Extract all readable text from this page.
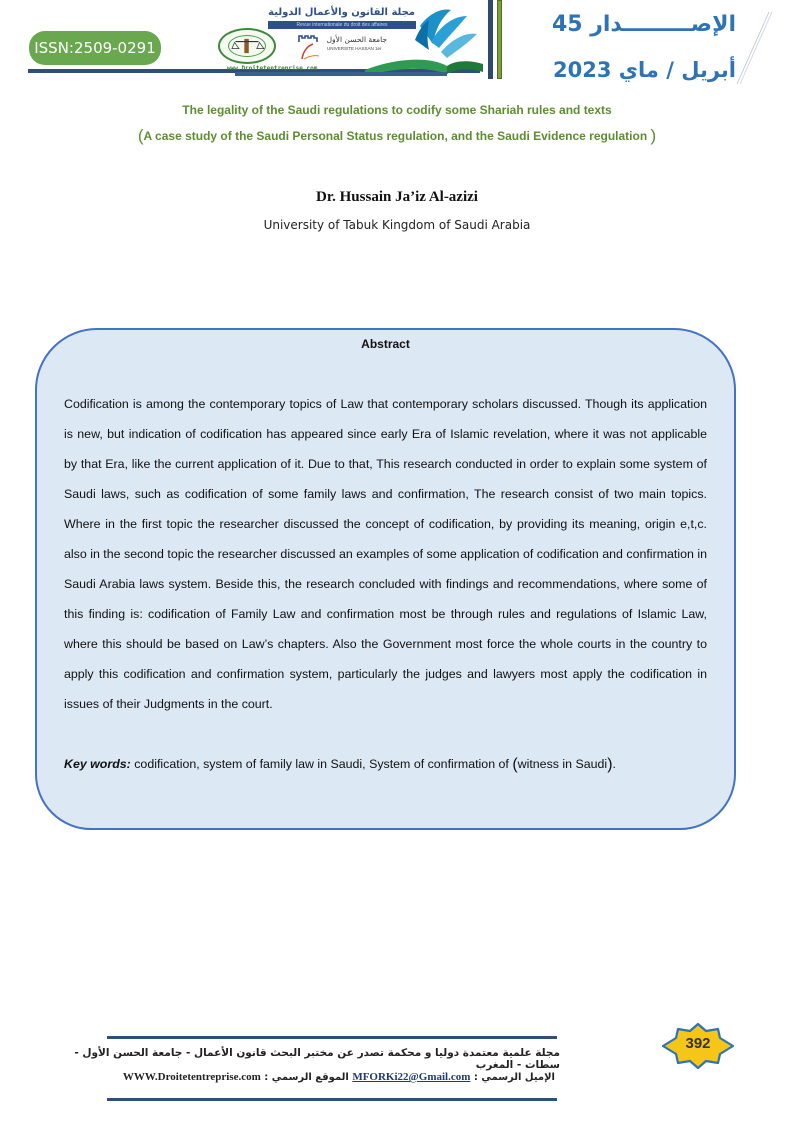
ISSN:2509-0291
مجلة القانون والأعمال الدولية
Revue internationale du droit des affaires
جامعة الحسن الأول
UNIVERSITE HASSAN 1er
www.Droitetentreprise.com
الإصـــــــــدار 45
أبريل / ماي 2023
The legality of the Saudi regulations to codify some Shariah rules and texts
(A case study of the Saudi Personal Status regulation, and the Saudi Evidence regulation )
Dr. Hussain Ja’iz Al-azizi
University of Tabuk Kingdom of Saudi Arabia
Abstract
Codification is among the contemporary topics of Law that contemporary scholars discussed. Though its application is new, but indication of codification has appeared since early Era of Islamic revelation, where it was not applicable by that Era, like the current application of it. Due to that, This research conducted in order to explain some system of Saudi laws, such as codification of some family laws and confirmation, The research consist of two main topics. Where in the first topic the researcher discussed the concept of codification, by providing its meaning, origin e,t,c. also in the second topic the researcher discussed an examples of some application of codification and confirmation in Saudi Arabia laws system. Beside this, the research concluded with findings and recommendations, where some of this finding is: codification of Family Law and confirmation most be through rules and regulations of Islamic Law, where this should be based on Law’s chapters. Also the Government most force the whole courts in the country to apply this codification and confirmation system, particularly the judges and lawyers most apply the codification in issues of their Judgments in the court.
Key words: codification, system of family law in Saudi, System of confirmation of (witness in Saudi).
مجلة علمية معتمدة دوليا و محكمة تصدر عن مختبر البحث قانون الأعمال - جامعة الحسن الأول - سطات - المغرب
WWW.Droitetentreprise.com : الموقع الرسمي MFORKi22@Gmail.com : الإميل الرسمي
392
